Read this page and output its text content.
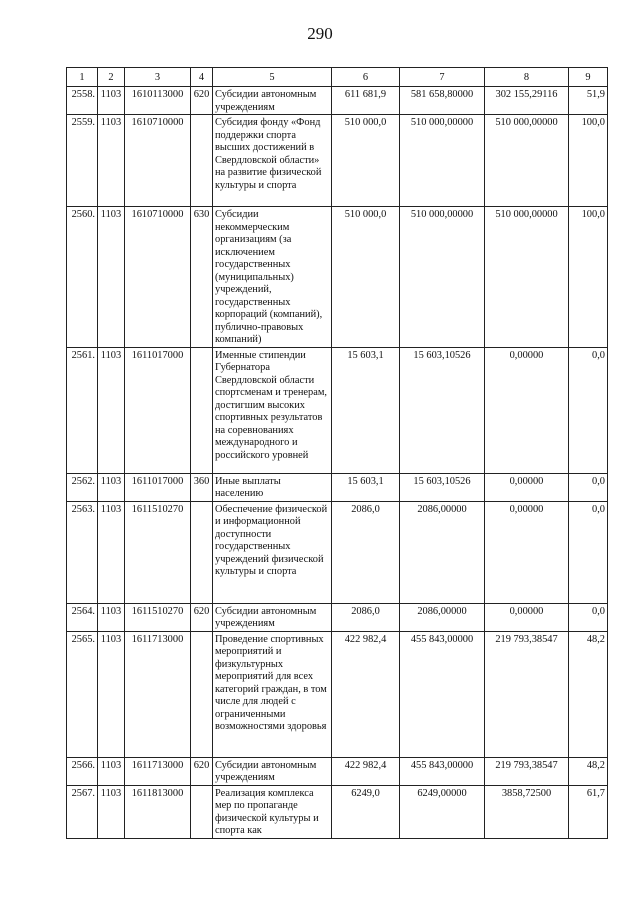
290
1	2	3	4	5	6	7	8	9
2558.	1103	1610113000	620	Субсидии автономным учреждениям	611 681,9	581 658,80000	302 155,29116	51,9
2559.	1103	1610710000		Субсидия фонду «Фонд поддержки спорта высших достижений в Свердловской области» на развитие физической культуры и спорта	510 000,0	510 000,00000	510 000,00000	100,0
2560.	1103	1610710000	630	Субсидии некоммерческим организациям (за исключением государственных (муниципальных) учреждений, государственных корпораций (компаний), публично-правовых компаний)	510 000,0	510 000,00000	510 000,00000	100,0
2561.	1103	1611017000		Именные стипендии Губернатора Свердловской области спортсменам и тренерам, достигшим высоких спортивных результатов на соревнованиях международного и российского уровней	15 603,1	15 603,10526	0,00000	0,0
2562.	1103	1611017000	360	Иные выплаты населению	15 603,1	15 603,10526	0,00000	0,0
2563.	1103	1611510270		Обеспечение физической и информационной доступности государственных учреждений физической культуры и спорта	2086,0	2086,00000	0,00000	0,0
2564.	1103	1611510270	620	Субсидии автономным учреждениям	2086,0	2086,00000	0,00000	0,0
2565.	1103	1611713000		Проведение спортивных мероприятий и физкультурных мероприятий для всех категорий граждан, в том числе для людей с ограниченными возможностями здоровья	422 982,4	455 843,00000	219 793,38547	48,2
2566.	1103	1611713000	620	Субсидии автономным учреждениям	422 982,4	455 843,00000	219 793,38547	48,2
2567.	1103	1611813000		Реализация комплекса мер по пропаганде физической культуры и спорта как	6249,0	6249,00000	3858,72500	61,7
